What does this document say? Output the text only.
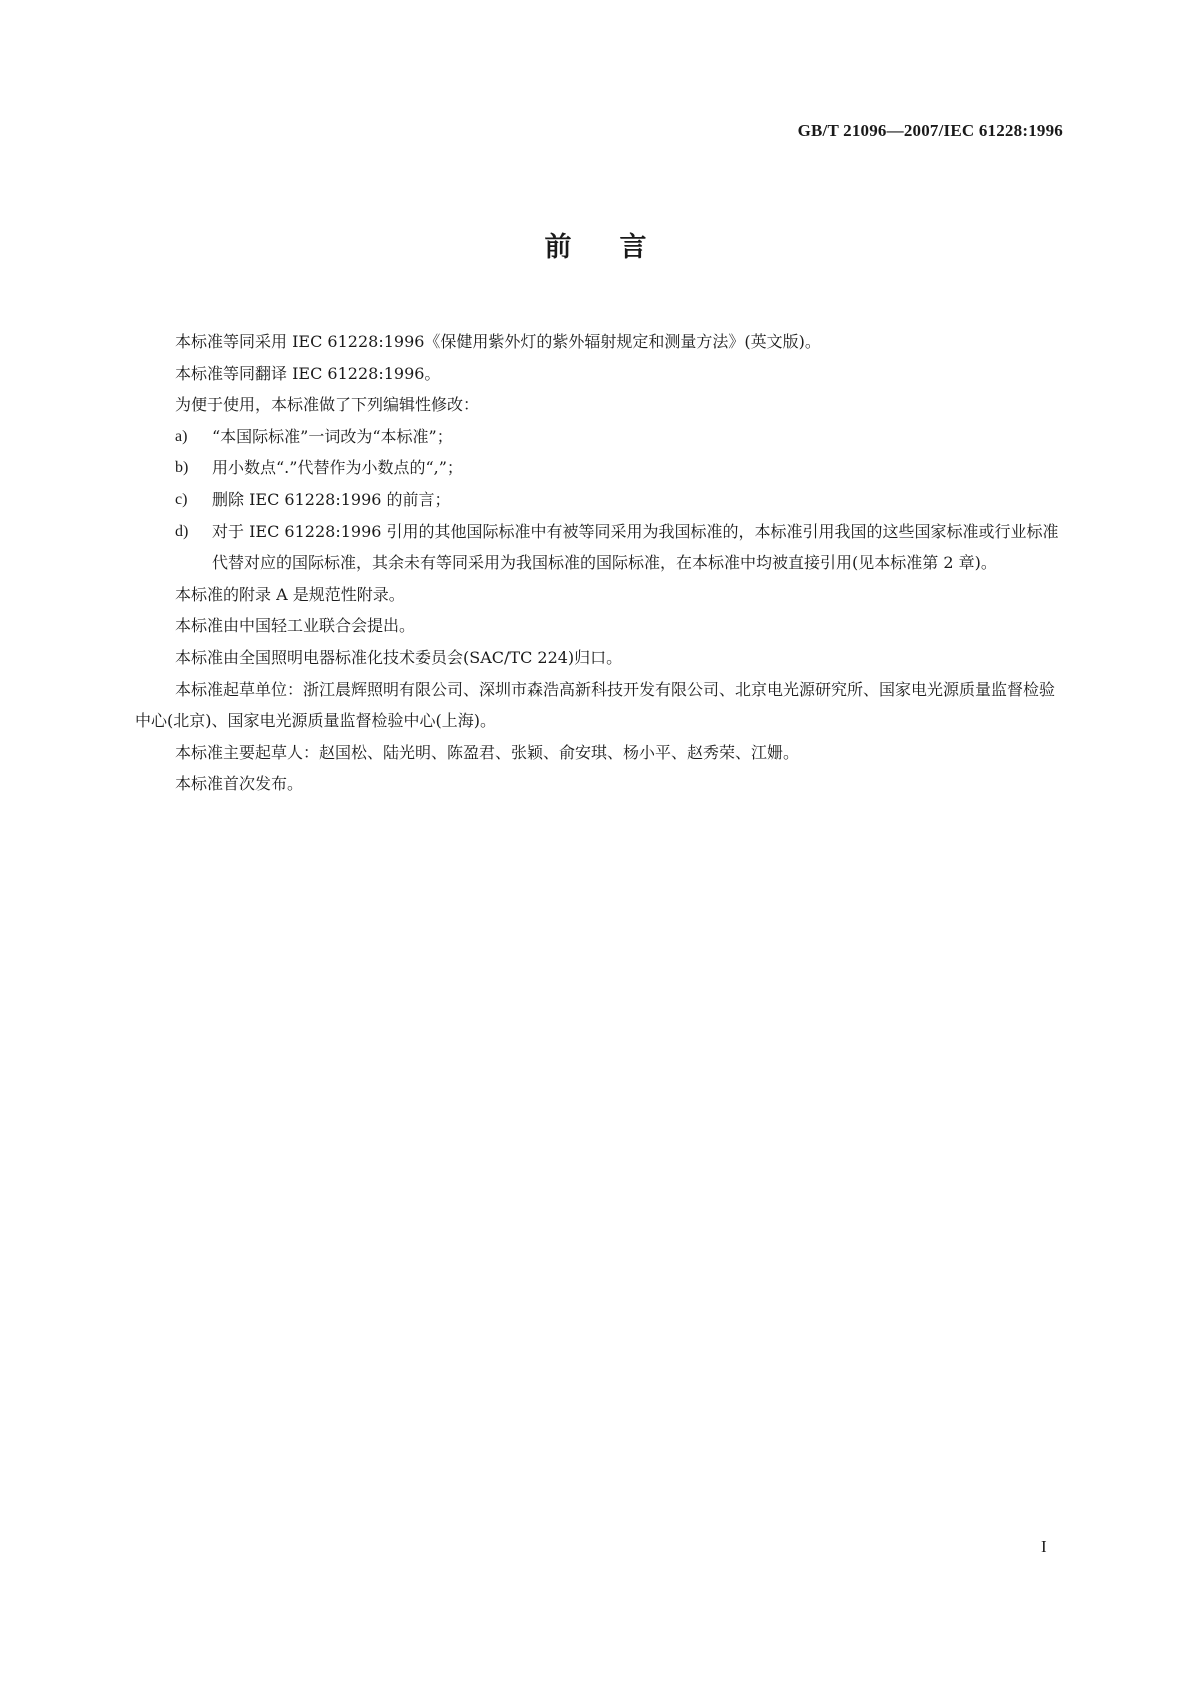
GB/T 21096—2007/IEC 61228:1996
前言

本标准等同采用 IEC 61228:1996《保健用紫外灯的紫外辐射规定和测量方法》(英文版)。

本标准等同翻译 IEC 61228:1996。

为便于使用，本标准做了下列编辑性修改：

a) “本国际标准”一词改为“本标准”；
b) 用小数点“.”代替作为小数点的“,”；
c) 删除 IEC 61228:1996 的前言；
d) 对于 IEC 61228:1996 引用的其他国际标准中有被等同采用为我国标准的，本标准引用我国的这些国家标准或行业标准代替对应的国际标准，其余未有等同采用为我国标准的国际标准，在本标准中均被直接引用(见本标准第 2 章)。

本标准的附录 A 是规范性附录。

本标准由中国轻工业联合会提出。

本标准由全国照明电器标准化技术委员会(SAC/TC 224)归口。

本标准起草单位：浙江晨辉照明有限公司、深圳市森浩高新科技开发有限公司、北京电光源研究所、国家电光源质量监督检验中心(北京)、国家电光源质量监督检验中心(上海)。

本标准主要起草人：赵国松、陆光明、陈盈君、张颖、俞安琪、杨小平、赵秀荣、江姗。

本标准首次发布。

I
